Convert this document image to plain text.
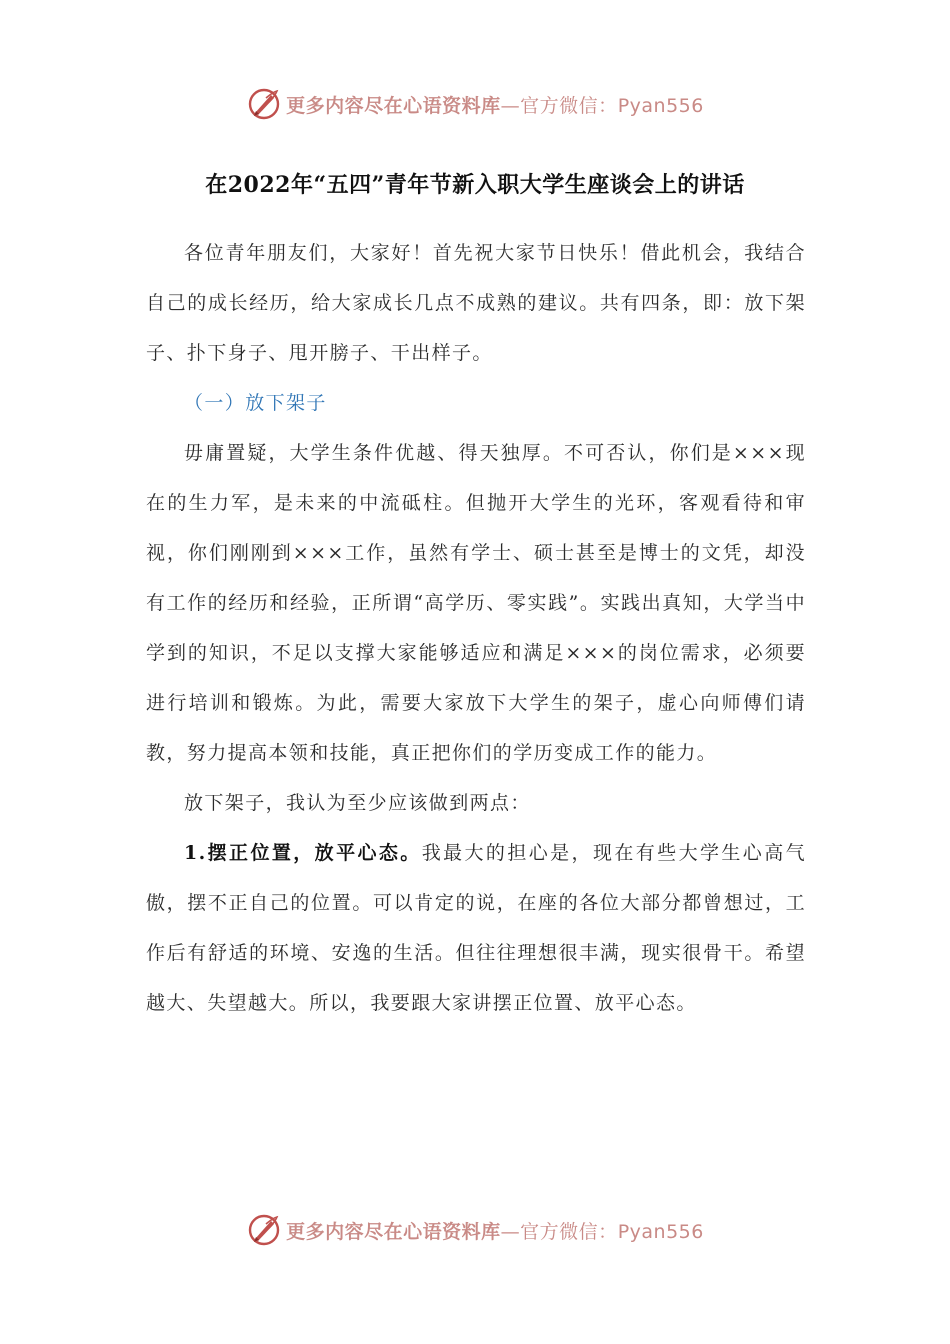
更多内容尽在心语资料库—官方微信：Pyan556
在2022年“五四”青年节新入职大学生座谈会上的讲话

各位青年朋友们，大家好！首先祝大家节日快乐！借此机会，我结合自己的成长经历，给大家成长几点不成熟的建议。共有四条，即：放下架子、扑下身子、甩开膀子、干出样子。

（一）放下架子

毋庸置疑，大学生条件优越、得天独厚。不可否认，你们是×××现在的生力军，是未来的中流砥柱。但抛开大学生的光环，客观看待和审视，你们刚刚到×××工作，虽然有学士、硕士甚至是博士的文凭，却没有工作的经历和经验，正所谓“高学历、零实践”。实践出真知，大学当中学到的知识，不足以支撑大家能够适应和满足×××的岗位需求，必须要进行培训和锻炼。为此，需要大家放下大学生的架子，虚心向师傅们请教，努力提高本领和技能，真正把你们的学历变成工作的能力。

放下架子，我认为至少应该做到两点：

1.摆正位置，放平心态。我最大的担心是，现在有些大学生心高气傲，摆不正自己的位置。可以肯定的说，在座的各位大部分都曾想过，工作后有舒适的环境、安逸的生活。但往往理想很丰满，现实很骨干。希望越大、失望越大。所以，我要跟大家讲摆正位置、放平心态。

更多内容尽在心语资料库—官方微信：Pyan556
